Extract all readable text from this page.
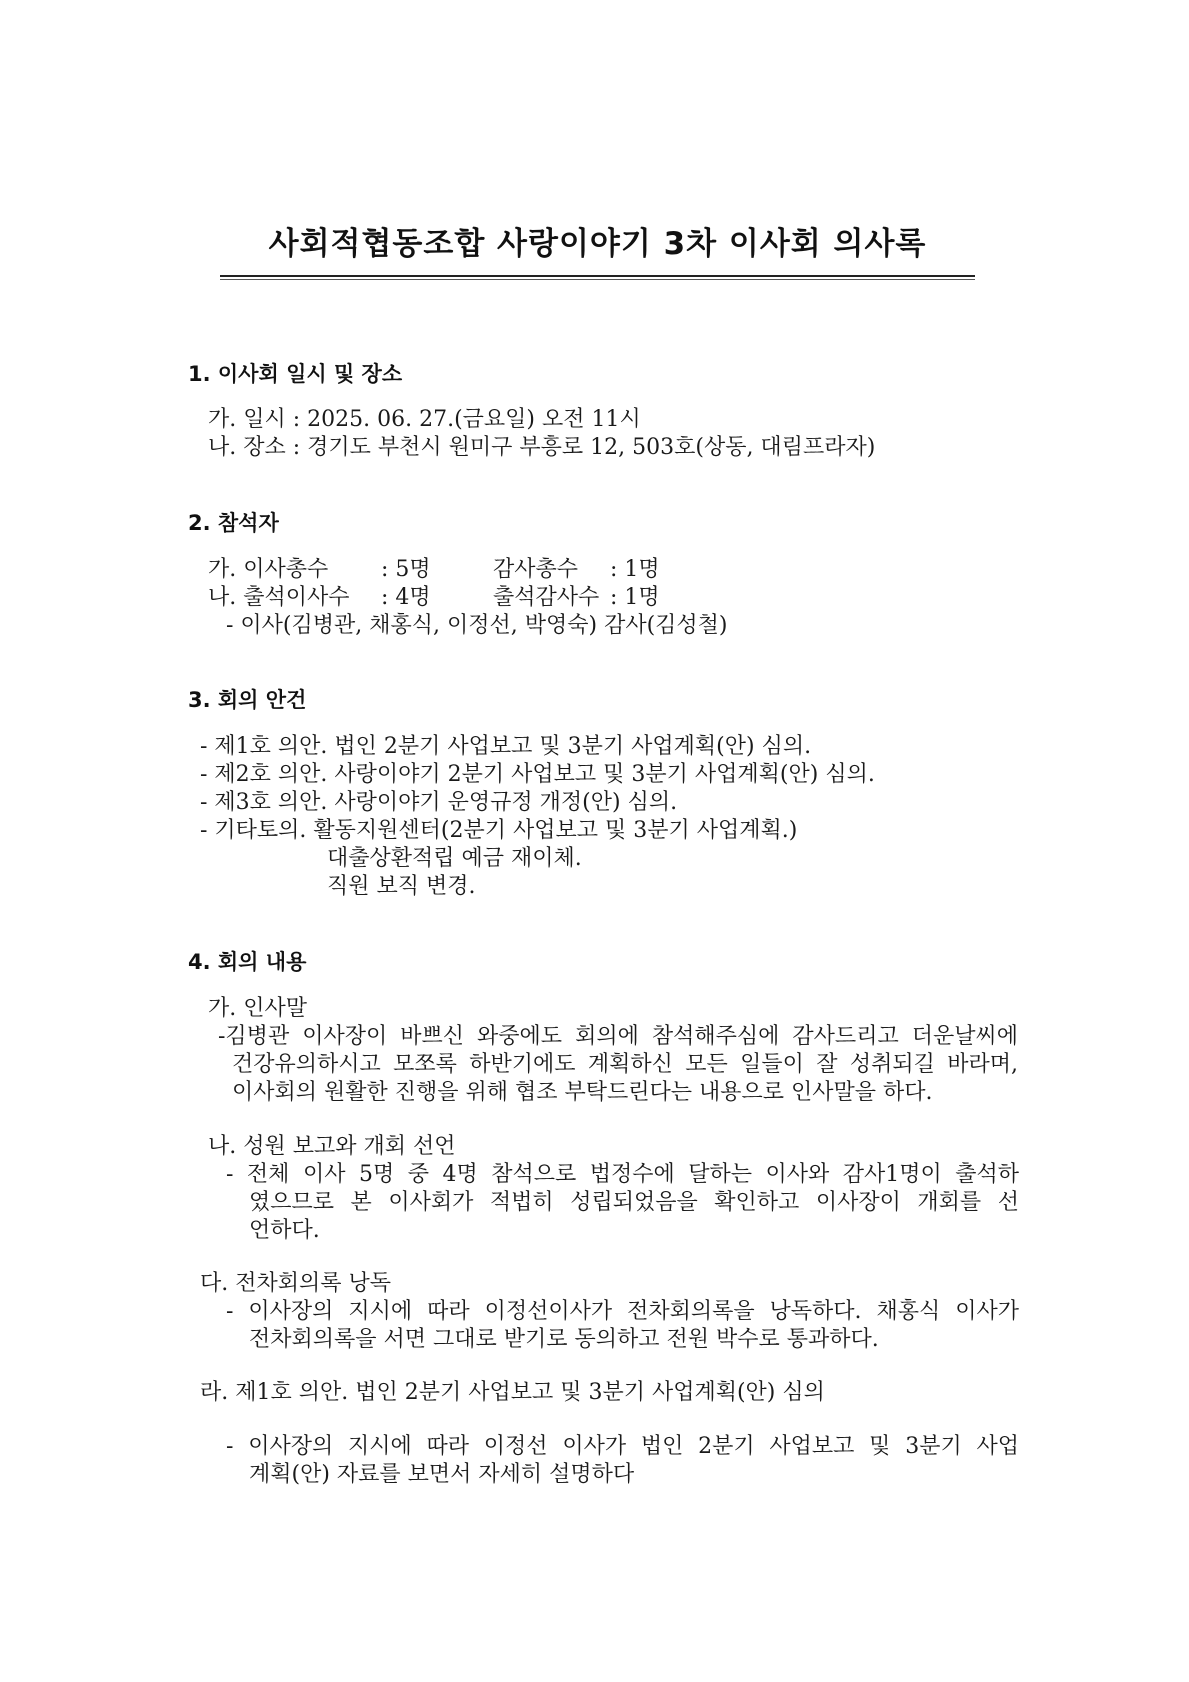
사회적협동조합 사랑이야기 3차 이사회 의사록
1. 이사회 일시 및 장소
가. 일시 : 2025. 06. 27.(금요일) 오전 11시
나. 장소 : 경기도 부천시 원미구 부흥로 12, 503호(상동, 대림프라자)
2. 참석자
가. 이사총수 : 5명	감사총수 : 1명
나. 출석이사수 : 4명	출석감사수 : 1명
- 이사(김병관, 채홍식, 이정선, 박영숙) 감사(김성철)
3. 회의 안건
- 제1호 의안. 법인 2분기 사업보고 및 3분기 사업계획(안) 심의.
- 제2호 의안. 사랑이야기 2분기 사업보고 및 3분기 사업계획(안) 심의.
- 제3호 의안. 사랑이야기 운영규정 개정(안) 심의.
- 기타토의. 활동지원센터(2분기 사업보고 및 3분기 사업계획.)
대출상환적립 예금 재이체.
직원 보직 변경.
4. 회의 내용
가. 인사말
-김병관 이사장이 바쁘신 와중에도 회의에 참석해주심에 감사드리고 더운날씨에
건강유의하시고 모쪼록 하반기에도 계획하신 모든 일들이 잘 성취되길 바라며,
이사회의 원활한 진행을 위해 협조 부탁드린다는 내용으로 인사말을 하다.
나. 성원 보고와 개회 선언
- 전체 이사 5명 중 4명 참석으로 법정수에 달하는 이사와 감사1명이 출석하
였으므로 본 이사회가 적법히 성립되었음을 확인하고 이사장이 개회를 선
언하다.
다. 전차회의록 낭독
- 이사장의 지시에 따라 이정선이사가 전차회의록을 낭독하다. 채홍식 이사가
전차회의록을 서면 그대로 받기로 동의하고 전원 박수로 통과하다.
라. 제1호 의안. 법인 2분기 사업보고 및 3분기 사업계획(안) 심의
- 이사장의 지시에 따라 이정선 이사가 법인 2분기 사업보고 및 3분기 사업
계획(안) 자료를 보면서 자세히 설명하다
